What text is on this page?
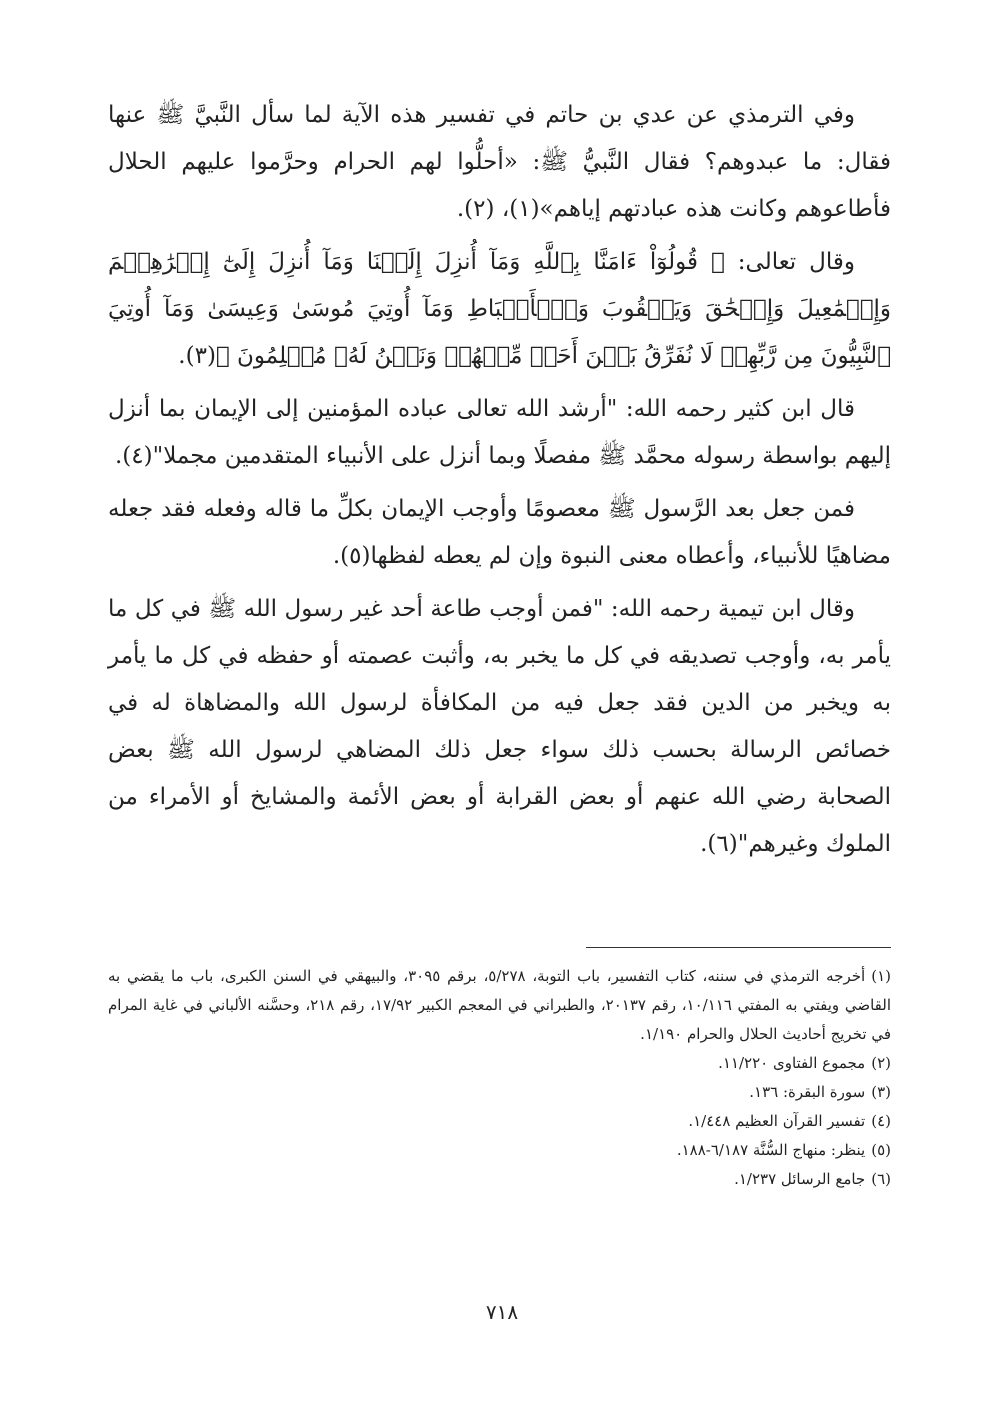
وفي الترمذي عن عدي بن حاتم في تفسير هذه الآية لما سأل النَّبيَّ ﷺ عنها فقال: ما عبدوهم؟ فقال النَّبيُّ ﷺ: «أحلُّوا لهم الحرام وحرَّموا عليهم الحلال فأطاعوهم وكانت هذه عبادتهم إياهم»(١)، (٢).

وقال تعالى: ﴿ قُولُوٓاْ ءَامَنَّا بِٱللَّهِ وَمَآ أُنزِلَ إِلَيۡنَا وَمَآ أُنزِلَ إِلَىٰٓ إِبۡرَٰهِـۧمَ وَإِسۡمَٰعِيلَ وَإِسۡحَٰقَ وَيَعۡقُوبَ وَٱلۡأَسۡبَاطِ وَمَآ أُوتِيَ مُوسَىٰ وَعِيسَىٰ وَمَآ أُوتِيَ ٱلنَّبِيُّونَ مِن رَّبِّهِمۡ لَا نُفَرِّقُ بَيۡنَ أَحَدٖ مِّنۡهُمۡ وَنَحۡنُ لَهُۥ مُسۡلِمُونَ ﴾(٣).

قال ابن كثير رحمه الله: "أرشد الله تعالى عباده المؤمنين إلى الإيمان بما أنزل إليهم بواسطة رسوله محمَّد ﷺ مفصلًا وبما أنزل على الأنبياء المتقدمين مجملا"(٤).

فمن جعل بعد الرَّسول ﷺ معصومًا وأوجب الإيمان بكلِّ ما قاله وفعله فقد جعله مضاهيًا للأنبياء، وأعطاه معنى النبوة وإن لم يعطه لفظها(٥).

وقال ابن تيمية رحمه الله: "فمن أوجب طاعة أحد غير رسول الله ﷺ في كل ما يأمر به، وأوجب تصديقه في كل ما يخبر به، وأثبت عصمته أو حفظه في كل ما يأمر به ويخبر من الدين فقد جعل فيه من المكافأة لرسول الله والمضاهاة له في خصائص الرسالة بحسب ذلك سواء جعل ذلك المضاهي لرسول الله ﷺ بعض الصحابة رضي الله عنهم أو بعض القرابة أو بعض الأئمة والمشايخ أو الأمراء من الملوك وغيرهم"(٦).

(١)أخرجه الترمذي في سننه، كتاب التفسير، باب التوبة، ٥/٢٧٨، برقم ٣٠٩٥، والبيهقي في السنن الكبرى، باب ما يقضي به القاضي ويفتي به المفتي ١٠/١١٦، رقم ٢٠١٣٧، والطبراني في المعجم الكبير ١٧/٩٢، رقم ٢١٨، وحسَّنه الألباني في غاية المرام في تخريج أحاديث الحلال والحرام ١/١٩٠.

(٢)مجموع الفتاوى ١١/٢٢٠.

(٣)سورة البقرة: ١٣٦.

(٤)تفسير القرآن العظيم ١/٤٤٨.

(٥)ينظر: منهاج السُّنَّة ٦/١٨٧-١٨٨.

(٦)جامع الرسائل ١/٢٣٧.

٧١٨
